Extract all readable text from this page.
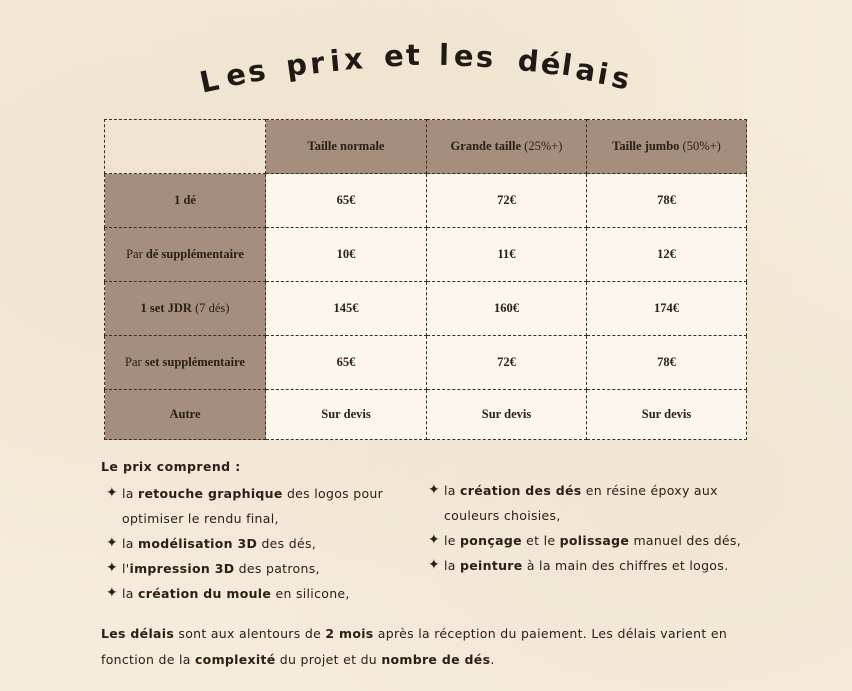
L e
s p r i x e t l e s d
é
l a
i
s
	Taille normale	Grande taille (25%+)	Taille jumbo (50%+)
1 dé	65€	72€	78€
Par dé supplémentaire	10€	11€	12€
1 set JDR (7 dés)	145€	160€	174€
Par set supplémentaire	65€	72€	78€
Autre	Sur devis	Sur devis	Sur devis
Le prix comprend :
✦ la retouche graphique des logos pour
optimiser le rendu final,
✦ la modélisation 3D des dés,
✦ l'impression 3D des patrons,
✦ la création du moule en silicone,
✦ la création des dés en résine époxy aux
couleurs choisies,
✦ le ponçage et le polissage manuel des dés,
✦ la peinture à la main des chiffres et logos.
Les délais sont aux alentours de 2 mois après la réception du paiement. Les délais varient en fonction de la complexité du projet et du nombre de dés.
